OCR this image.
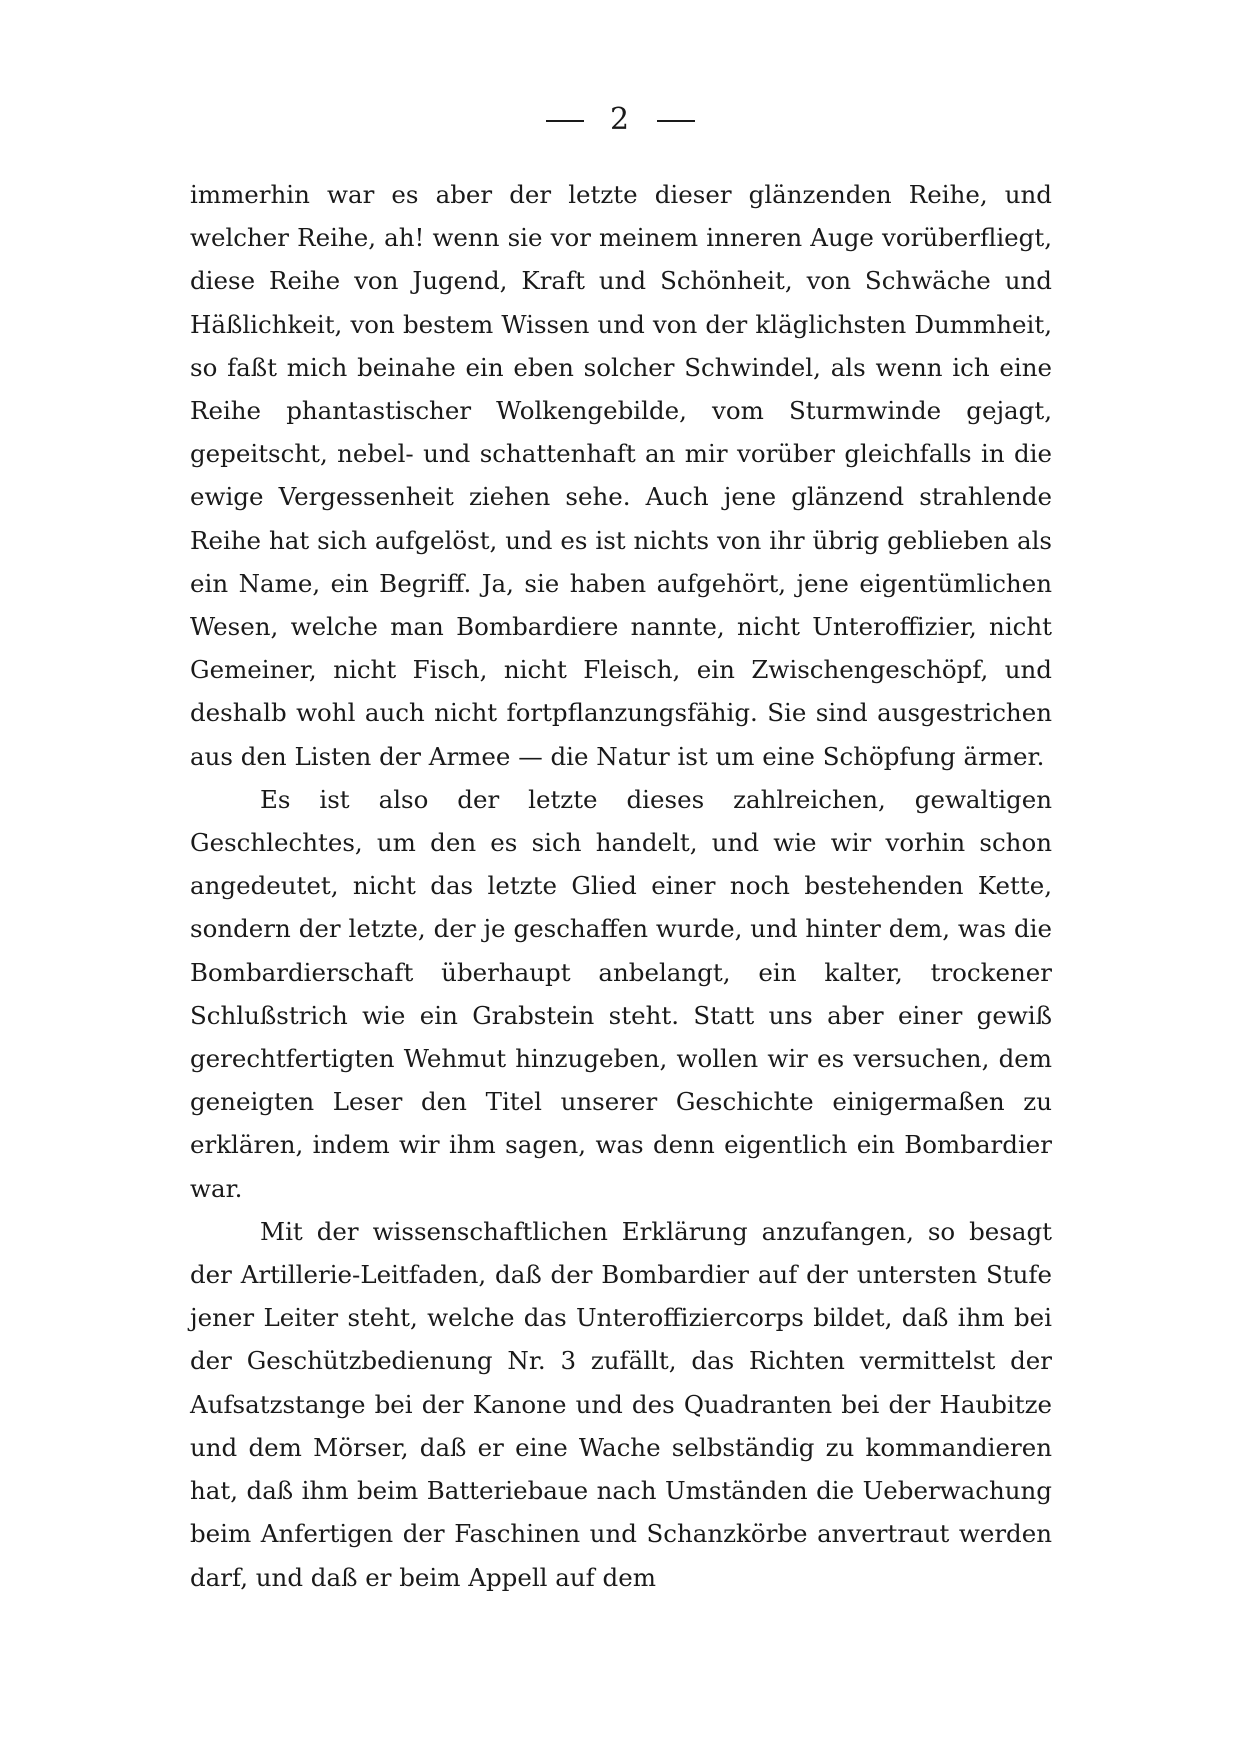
2

immerhin war es aber der letzte dieser glänzenden Reihe, und welcher Reihe, ah! wenn sie vor meinem inneren Auge vorüberfliegt, diese Reihe von Jugend, Kraft und Schönheit, von Schwäche und Häßlichkeit, von bestem Wissen und von der kläglichsten Dummheit, so faßt mich beinahe ein eben solcher Schwindel, als wenn ich eine Reihe phantastischer Wolkengebilde, vom Sturmwinde gejagt, gepeitscht, nebel- und schattenhaft an mir vorüber gleichfalls in die ewige Vergessenheit ziehen sehe. Auch jene glänzend strahlende Reihe hat sich aufgelöst, und es ist nichts von ihr übrig geblieben als ein Name, ein Begriff. Ja, sie haben aufgehört, jene eigentümlichen Wesen, welche man Bombardiere nannte, nicht Unteroffizier, nicht Gemeiner, nicht Fisch, nicht Fleisch, ein Zwischengeschöpf, und deshalb wohl auch nicht fortpflanzungsfähig. Sie sind ausgestrichen aus den Listen der Armee — die Natur ist um eine Schöpfung ärmer.

Es ist also der letzte dieses zahlreichen, gewaltigen Geschlechtes, um den es sich handelt, und wie wir vorhin schon angedeutet, nicht das letzte Glied einer noch bestehenden Kette, sondern der letzte, der je geschaffen wurde, und hinter dem, was die Bombardierschaft überhaupt anbelangt, ein kalter, trockener Schlußstrich wie ein Grabstein steht. Statt uns aber einer gewiß gerechtfertigten Wehmut hinzugeben, wollen wir es versuchen, dem geneigten Leser den Titel unserer Geschichte einigermaßen zu erklären, indem wir ihm sagen, was denn eigentlich ein Bombardier war.

Mit der wissenschaftlichen Erklärung anzufangen, so besagt der Artillerie-Leitfaden, daß der Bombardier auf der untersten Stufe jener Leiter steht, welche das Unteroffiziercorps bildet, daß ihm bei der Geschützbedienung Nr. 3 zufällt, das Richten vermittelst der Aufsatzstange bei der Kanone und des Quadranten bei der Haubitze und dem Mörser, daß er eine Wache selbständig zu kommandieren hat, daß ihm beim Batteriebaue nach Umständen die Ueberwachung beim Anfertigen der Faschinen und Schanzkörbe anvertraut werden darf, und daß er beim Appell auf dem
